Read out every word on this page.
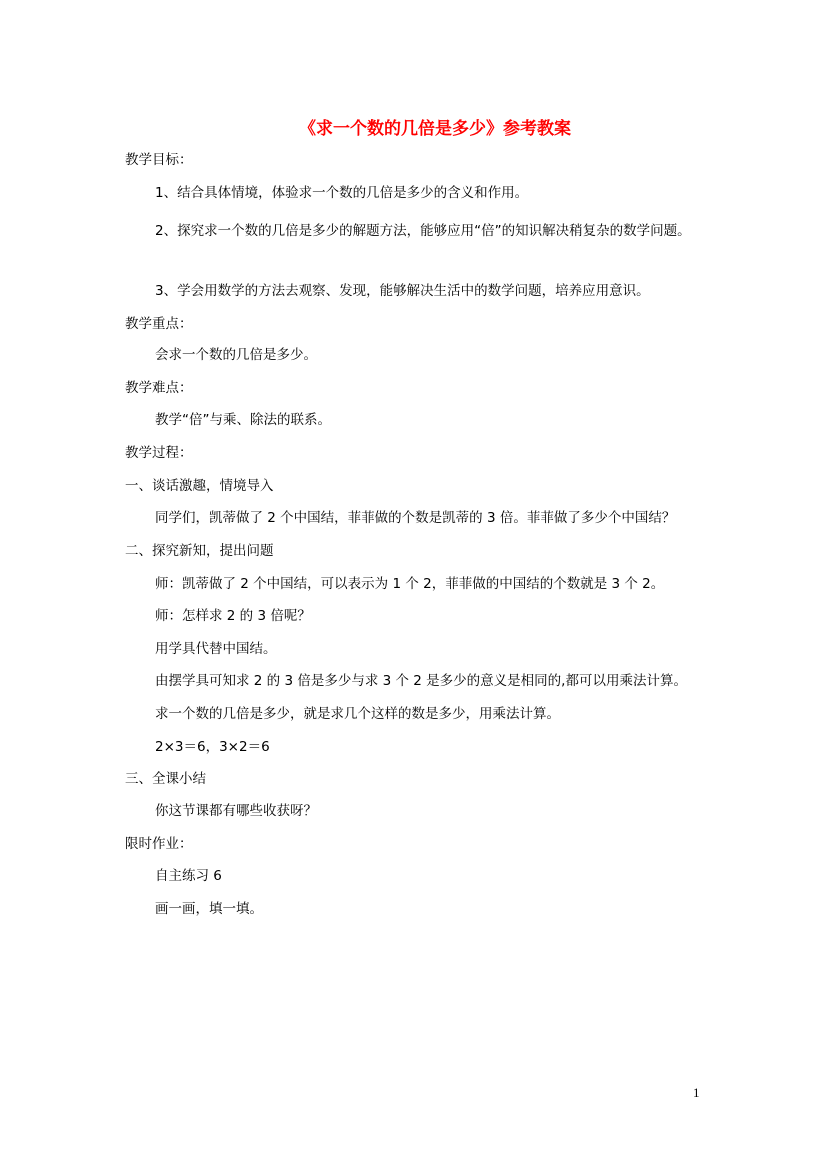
《求一个数的几倍是多少》参考教案
教学目标：
1、结合具体情境，体验求一个数的几倍是多少的含义和作用。
2、探究求一个数的几倍是多少的解题方法，能够应用“倍”的知识解决稍复杂的数学问题。
3、学会用数学的方法去观察、发现，能够解决生活中的数学问题，培养应用意识。
教学重点：
会求一个数的几倍是多少。
教学难点：
教学“倍”与乘、除法的联系。
教学过程：
一、谈话激趣，情境导入
同学们，凯蒂做了 2 个中国结，菲菲做的个数是凯蒂的 3 倍。菲菲做了多少个中国结？
二、探究新知，提出问题
师：凯蒂做了 2 个中国结，可以表示为 1 个 2，菲菲做的中国结的个数就是 3 个 2。
师：怎样求 2 的 3 倍呢？
用学具代替中国结。
由摆学具可知求 2 的 3 倍是多少与求 3 个 2 是多少的意义是相同的,都可以用乘法计算。
求一个数的几倍是多少，就是求几个这样的数是多少，用乘法计算。
2×3＝6，3×2＝6
三、全课小结
你这节课都有哪些收获呀？
限时作业：
自主练习 6
画一画，填一填。
1
